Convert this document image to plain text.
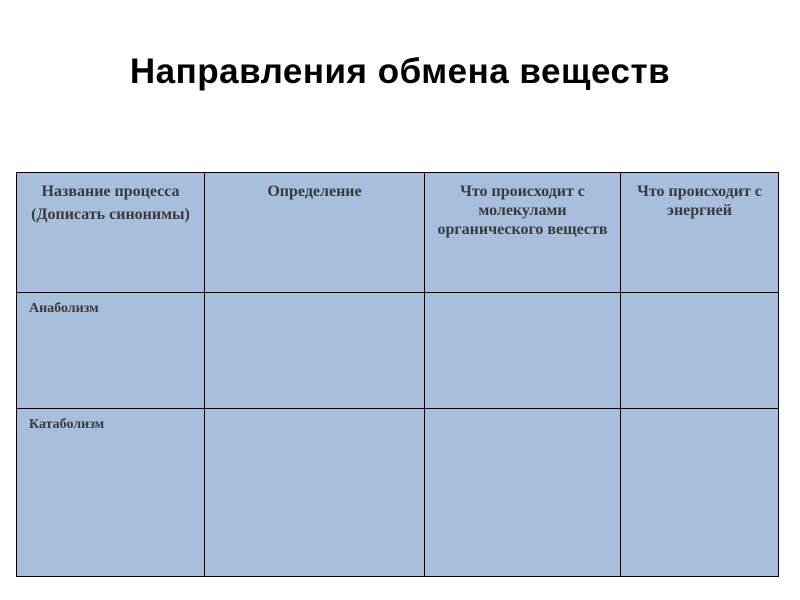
Направления обмена веществ
Название процесса
(Дописать синонимы)	Определение	Что происходит с молекулами органического веществ	Что происходит с энергией
Анаболизм			
Катаболизм			
